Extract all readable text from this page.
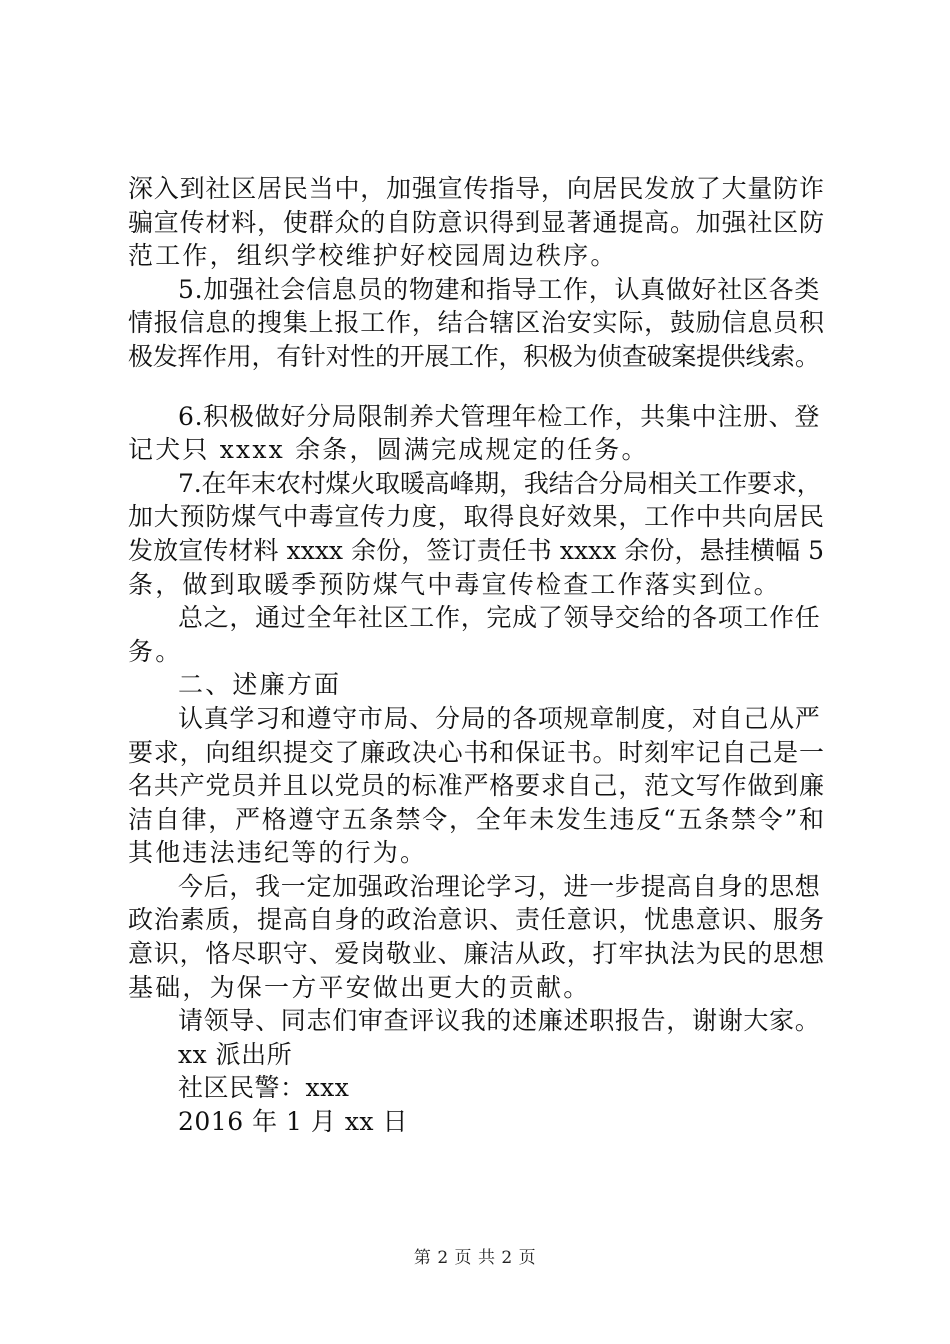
深入到社区居民当中，加强宣传指导，向居民发放了大量防诈
骗宣传材料，使群众的自防意识得到显著通提高。加强社区防
范工作，组织学校维护好校园周边秩序。
5.加强社会信息员的物建和指导工作，认真做好社区各类
情报信息的搜集上报工作，结合辖区治安实际，鼓励信息员积
极发挥作用，有针对性的开展工作，积极为侦查破案提供线索。
6.积极做好分局限制养犬管理年检工作，共集中注册、登
记犬只 xxxx 余条，圆满完成规定的任务。
7.在年末农村煤火取暖高峰期，我结合分局相关工作要求，
加大预防煤气中毒宣传力度，取得良好效果，工作中共向居民
发放宣传材料 xxxx 余份，签订责任书 xxxx 余份，悬挂横幅 5
条，做到取暖季预防煤气中毒宣传检查工作落实到位。
总之，通过全年社区工作，完成了领导交给的各项工作任
务。
二、述廉方面
认真学习和遵守市局、分局的各项规章制度，对自己从严
要求，向组织提交了廉政决心书和保证书。时刻牢记自己是一
名共产党员并且以党员的标准严格要求自己，范文写作做到廉
洁自律，严格遵守五条禁令，全年未发生违反“五条禁令”和
其他违法违纪等的行为。
今后，我一定加强政治理论学习，进一步提高自身的思想
政治素质，提高自身的政治意识、责任意识，忧患意识、服务
意识，恪尽职守、爱岗敬业、廉洁从政，打牢执法为民的思想
基础，为保一方平安做出更大的贡献。
请领导、同志们审查评议我的述廉述职报告，谢谢大家。
xx 派出所
社区民警：xxx
2016 年 1 月 xx 日
第 2 页 共 2 页
